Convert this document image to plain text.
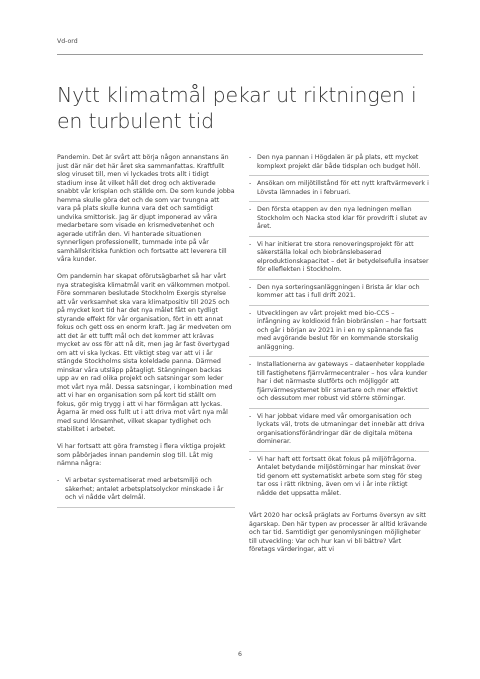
Vd-ord
Nytt klimatmål pekar ut riktningen i en turbulent tid

Pandemin. Det är svårt att börja någon annanstans än just där när det här året ska sammanfattas. Kraftfullt slog viruset till, men vi lyckades trots allt i tidigt stadium inse åt vilket håll det drog och aktiverade snabbt vår krisplan och ställde om. De som kunde jobba hemma skulle göra det och de som var tvungna att vara på plats skulle kunna vara det och samtidigt undvika smittorisk. Jag är djupt imponerad av våra medarbetare som visade en krismedvetenhet och agerade utifrån den. Vi hanterade situationen synnerligen professionellt, tummade inte på vår samhällskritiska funktion och fortsatte att leverera till våra kunder.

Om pandemin har skapat oförutsägbarhet så har vårt nya strategiska klimatmål varit en välkommen motpol. Före sommaren beslutade Stockholm Exergis styrelse att vår verksamhet ska vara klimatpositiv till 2025 och på mycket kort tid har det nya målet fått en tydligt styrande effekt för vår organisation, fört in ett annat fokus och gett oss en enorm kraft. Jag är medveten om att det är ett tufft mål och det kommer att krävas mycket av oss för att nå dit, men jag är fast övertygad om att vi ska lyckas. Ett viktigt steg var att vi i år stängde Stockholms sista koleldade panna. Därmed minskar våra utsläpp påtagligt. Stängningen backas upp av en rad olika projekt och satsningar som leder mot vårt nya mål. Dessa satsningar, i kombination med att vi har en organisation som på kort tid ställt om fokus, gör mig trygg i att vi har förmågan att lyckas. Ägarna är med oss fullt ut i att driva mot vårt nya mål med sund lönsamhet, vilket skapar tydlighet och stabilitet i arbetet.

Vi har fortsatt att göra framsteg i flera viktiga projekt som påbörjades innan pandemin slog till. Låt mig nämna några:

- Vi arbetar systematiserat med arbetsmiljö och säkerhet; antalet arbetsplatsolyckor minskade i år och vi nådde vårt delmål.
- Den nya pannan i Högdalen är på plats, ett mycket komplext projekt där både tidsplan och budget höll.
- Ansökan om miljötillstånd för ett nytt kraftvärmeverk i Lövsta lämnades in i februari.
- Den första etappen av den nya ledningen mellan Stockholm och Nacka stod klar för provdrift i slutet av året.
- Vi har initierat tre stora renoveringsprojekt för att säkerställa lokal och biobränslebaserad elproduktionskapacitet – det är betydelsefulla insatser för elleflekten i Stockholm.
- Den nya sorteringsanläggningen i Brista är klar och kommer att tas i full drift 2021.
- Utvecklingen av vårt projekt med bio-CCS – infångning av koldioxid från biobränslen – har fortsatt och går i början av 2021 in i en ny spännande fas med avgörande beslut för en kommande storskalig anläggning.
- Installationerna av gateways – dataenheter kopplade till fastighetens fjärrvärmecentraler – hos våra kunder har i det närmaste slutförts och möjliggör att fjärrvärmesystemet blir smartare och mer effektivt och dessutom mer robust vid större störningar.
- Vi har jobbat vidare med vår omorganisation och lyckats väl, trots de utmaningar det innebär att driva organisationsförändringar där de digitala mötena dominerar.
- Vi har haft ett fortsatt ökat fokus på miljöfrågorna. Antalet betydande miljöstörningar har minskat över tid genom ett systematiskt arbete som steg för steg tar oss i rätt riktning, även om vi i år inte riktigt nådde det uppsatta målet.

Vårt 2020 har också präglats av Fortums översyn av sitt ägarskap. Den här typen av processer är alltid krävande och tar tid. Samtidigt ger genomlysningen möjligheter till utveckling: Var och hur kan vi bli bättre? Vårt företags värderingar, att vi

6
